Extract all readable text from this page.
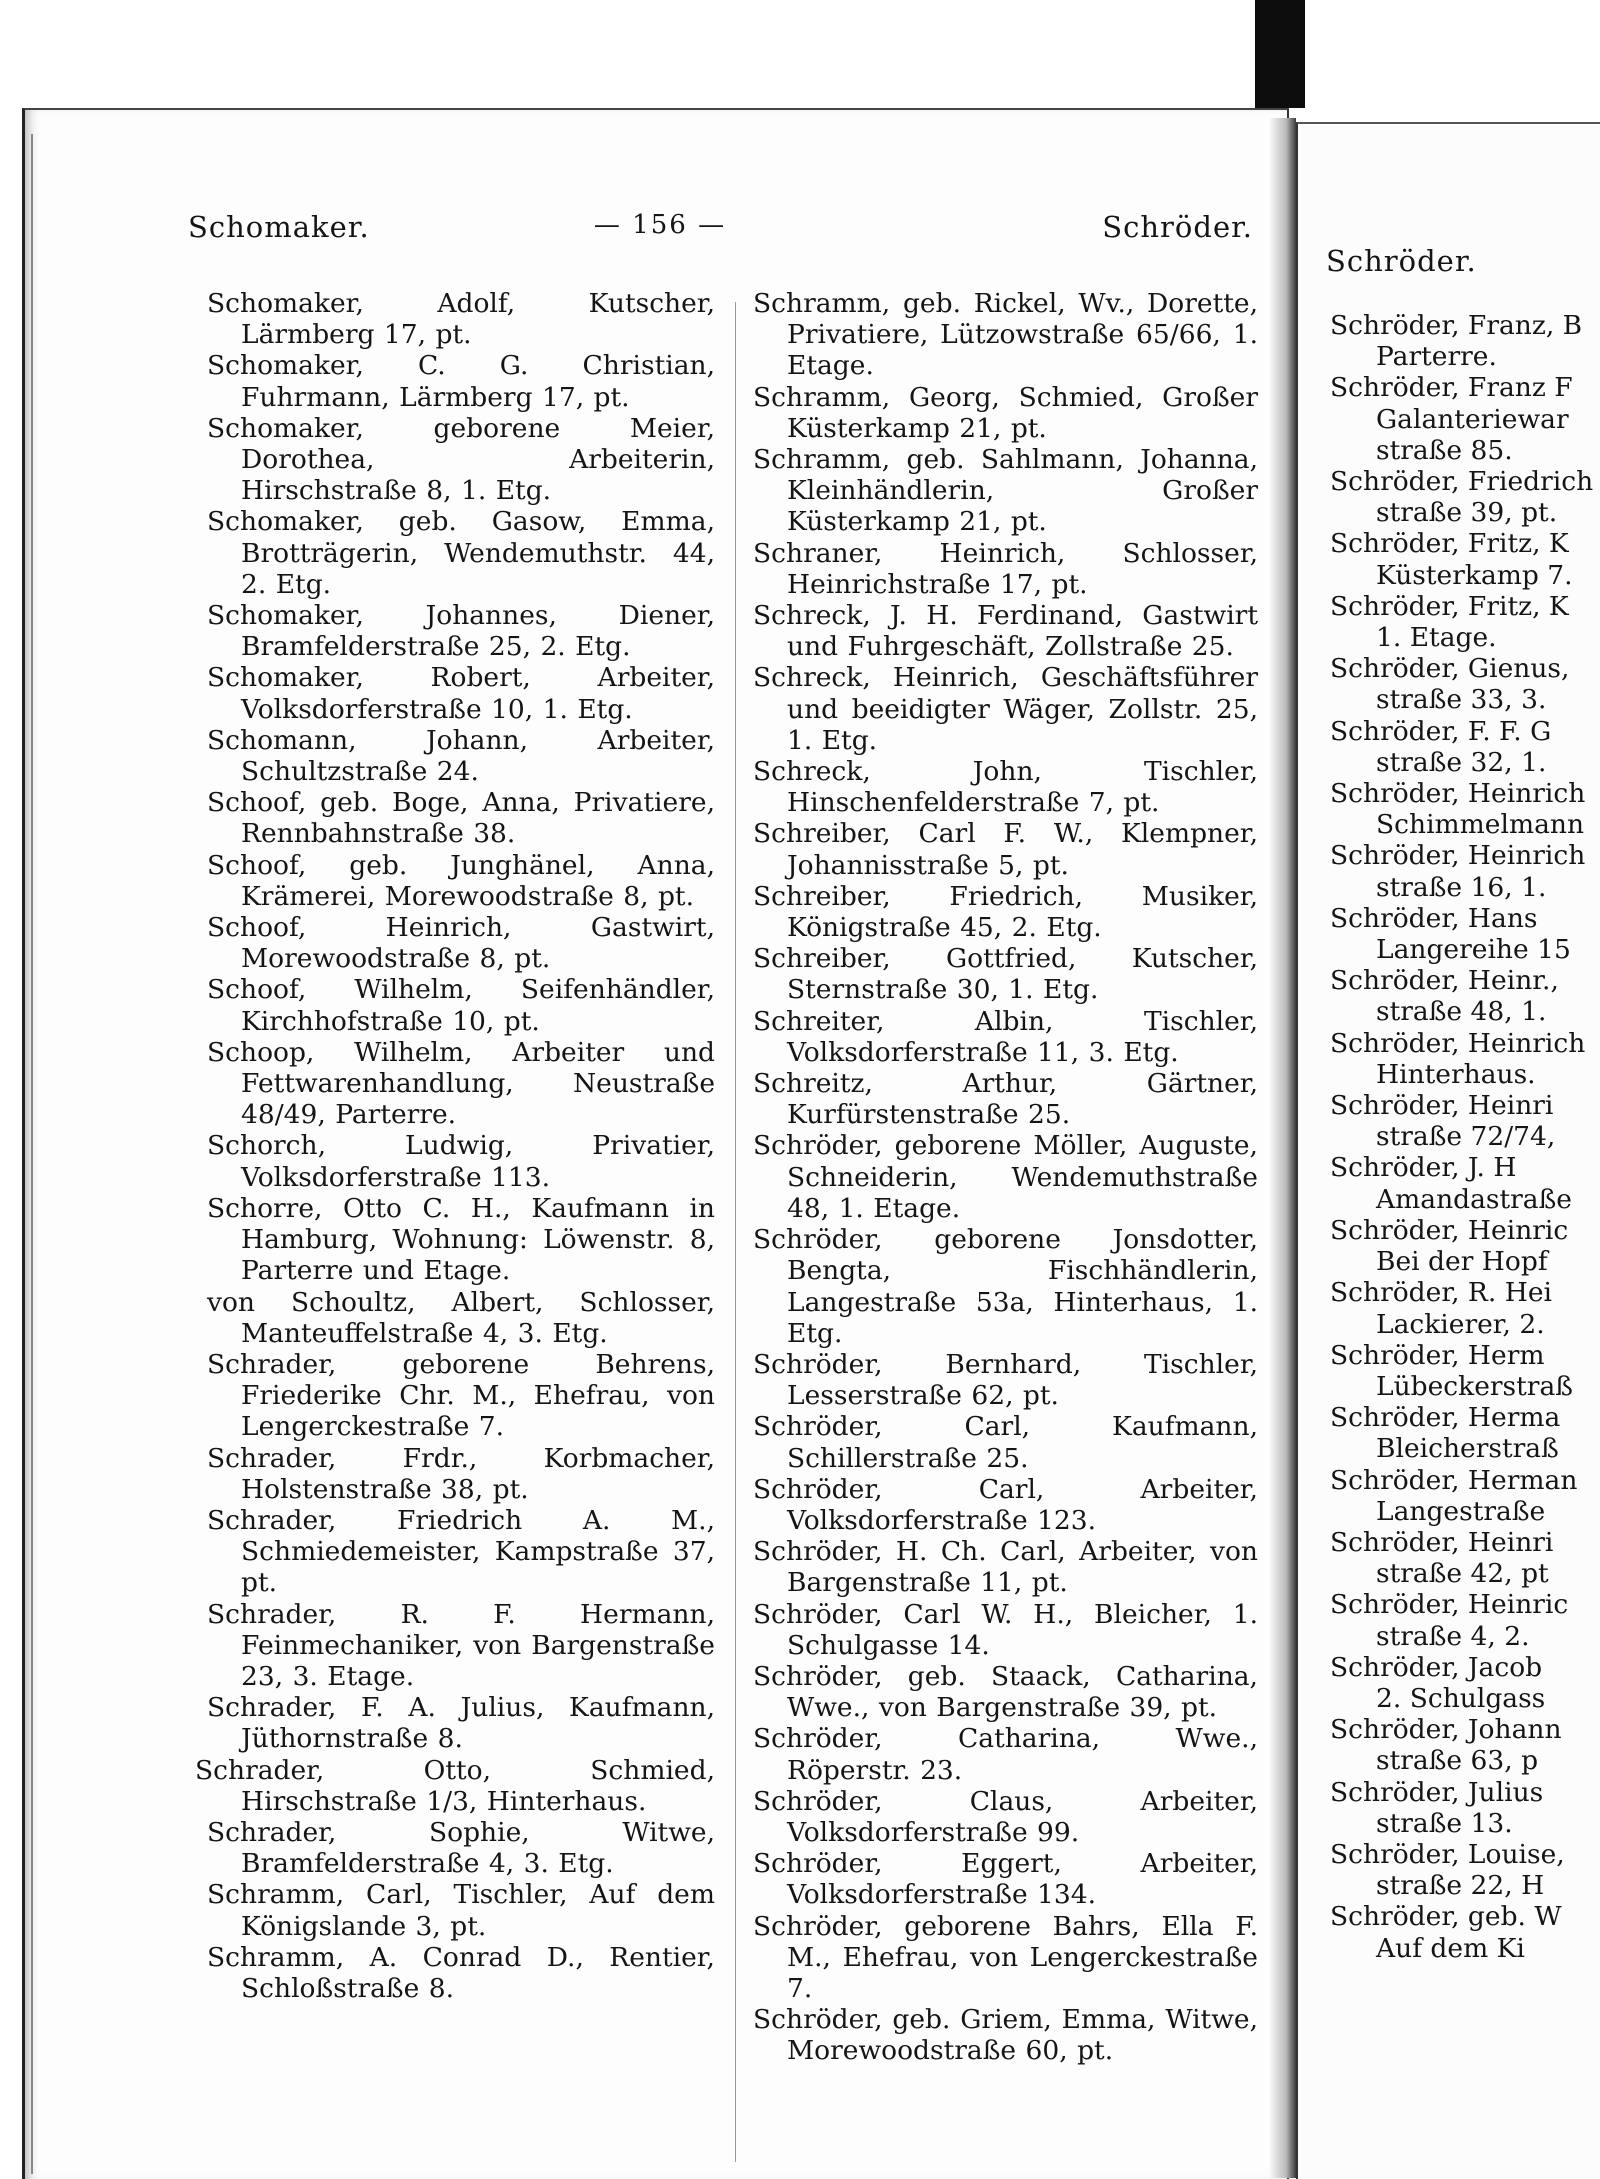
Schomaker.	— 156 —	Schröder.

Schomaker, Adolf, Kutscher, Lärmberg 17, pt.

Schomaker, C. G. Christian, Fuhrmann, Lärmberg 17, pt.

Schomaker, geborene Meier, Dorothea, Arbeiterin, Hirschstraße 8, 1. Etg.

Schomaker, geb. Gasow, Emma, Brotträgerin, Wendemuthstr. 44, 2. Etg.

Schomaker, Johannes, Diener, Bramfelderstraße 25, 2. Etg.

Schomaker, Robert, Arbeiter, Volksdorferstraße 10, 1. Etg.

Schomann, Johann, Arbeiter, Schultzstraße 24.

Schoof, geb. Boge, Anna, Privatiere, Rennbahnstraße 38.

Schoof, geb. Junghänel, Anna, Krämerei, Morewoodstraße 8, pt.

Schoof, Heinrich, Gastwirt, Morewoodstraße 8, pt.

Schoof, Wilhelm, Seifenhändler, Kirchhofstraße 10, pt.

Schoop, Wilhelm, Arbeiter und Fettwarenhandlung, Neustraße 48/49, Parterre.

Schorch, Ludwig, Privatier, Volksdorferstraße 113.

Schorre, Otto C. H., Kaufmann in Hamburg, Wohnung: Löwenstr. 8, Parterre und Etage.

von Schoultz, Albert, Schlosser, Manteuffelstraße 4, 3. Etg.

Schrader, geborene Behrens, Friederike Chr. M., Ehefrau, von Lengerckestraße 7.

Schrader, Frdr., Korbmacher, Holstenstraße 38, pt.

Schrader, Friedrich A. M., Schmiedemeister, Kampstraße 37, pt.

Schrader, R. F. Hermann, Feinmechaniker, von Bargenstraße 23, 3. Etage.

Schrader, F. A. Julius, Kaufmann, Jüthornstraße 8.

Schrader, Otto, Schmied, Hirschstraße 1/3, Hinterhaus.

Schrader, Sophie, Witwe, Bramfelderstraße 4, 3. Etg.

Schramm, Carl, Tischler, Auf dem Königslande 3, pt.

Schramm, A. Conrad D., Rentier, Schloßstraße 8.

Schramm, geb. Rickel, Wv., Dorette, Privatiere, Lützowstraße 65/66, 1. Etage.

Schramm, Georg, Schmied, Großer Küsterkamp 21, pt.

Schramm, geb. Sahlmann, Johanna, Kleinhändlerin, Großer Küsterkamp 21, pt.

Schraner, Heinrich, Schlosser, Heinrichstraße 17, pt.

Schreck, J. H. Ferdinand, Gastwirt und Fuhrgeschäft, Zollstraße 25.

Schreck, Heinrich, Geschäftsführer und beeidigter Wäger, Zollstr. 25, 1. Etg.

Schreck, John, Tischler, Hinschenfelderstraße 7, pt.

Schreiber, Carl F. W., Klempner, Johannisstraße 5, pt.

Schreiber, Friedrich, Musiker, Königstraße 45, 2. Etg.

Schreiber, Gottfried, Kutscher, Sternstraße 30, 1. Etg.

Schreiter, Albin, Tischler, Volksdorferstraße 11, 3. Etg.

Schreitz, Arthur, Gärtner, Kurfürstenstraße 25.

Schröder, geborene Möller, Auguste, Schneiderin, Wendemuthstraße 48, 1. Etage.

Schröder, geborene Jonsdotter, Bengta, Fischhändlerin, Langestraße 53a, Hinterhaus, 1. Etg.

Schröder, Bernhard, Tischler, Lesserstraße 62, pt.

Schröder, Carl, Kaufmann, Schillerstraße 25.

Schröder, Carl, Arbeiter, Volksdorferstraße 123.

Schröder, H. Ch. Carl, Arbeiter, von Bargenstraße 11, pt.

Schröder, Carl W. H., Bleicher, 1. Schulgasse 14.

Schröder, geb. Staack, Catharina, Wwe., von Bargenstraße 39, pt.

Schröder, Catharina, Wwe., Röperstr. 23.

Schröder, Claus, Arbeiter, Volksdorferstraße 99.

Schröder, Eggert, Arbeiter, Volksdorferstraße 134.

Schröder, geborene Bahrs, Ella F. M., Ehefrau, von Lengerckestraße 7.

Schröder, geb. Griem, Emma, Witwe, Morewoodstraße 60, pt.

Schröder.

Schröder, Franz, B

Parterre.

Schröder, Franz F

Galanteriewar

straße 85.

Schröder, Friedrich

straße 39, pt.

Schröder, Fritz, K

Küsterkamp 7.

Schröder, Fritz, K

1. Etage.

Schröder, Gienus,

straße 33, 3.

Schröder, F. F. G

straße 32, 1.

Schröder, Heinrich

Schimmelmann

Schröder, Heinrich

straße 16, 1.

Schröder, Hans

Langereihe 15

Schröder, Heinr.,

straße 48, 1.

Schröder, Heinrich

Hinterhaus.

Schröder, Heinri

straße 72/74,

Schröder, J. H

Amandastraße

Schröder, Heinric

Bei der Hopf

Schröder, R. Hei

Lackierer, 2.

Schröder, Herm

Lübeckerstraß

Schröder, Herma

Bleicherstraß

Schröder, Herman

Langestraße

Schröder, Heinri

straße 42, pt

Schröder, Heinric

straße 4, 2.

Schröder, Jacob

2. Schulgass

Schröder, Johann

straße 63, p

Schröder, Julius

straße 13.

Schröder, Louise,

straße 22, H

Schröder, geb. W

Auf dem Ki
